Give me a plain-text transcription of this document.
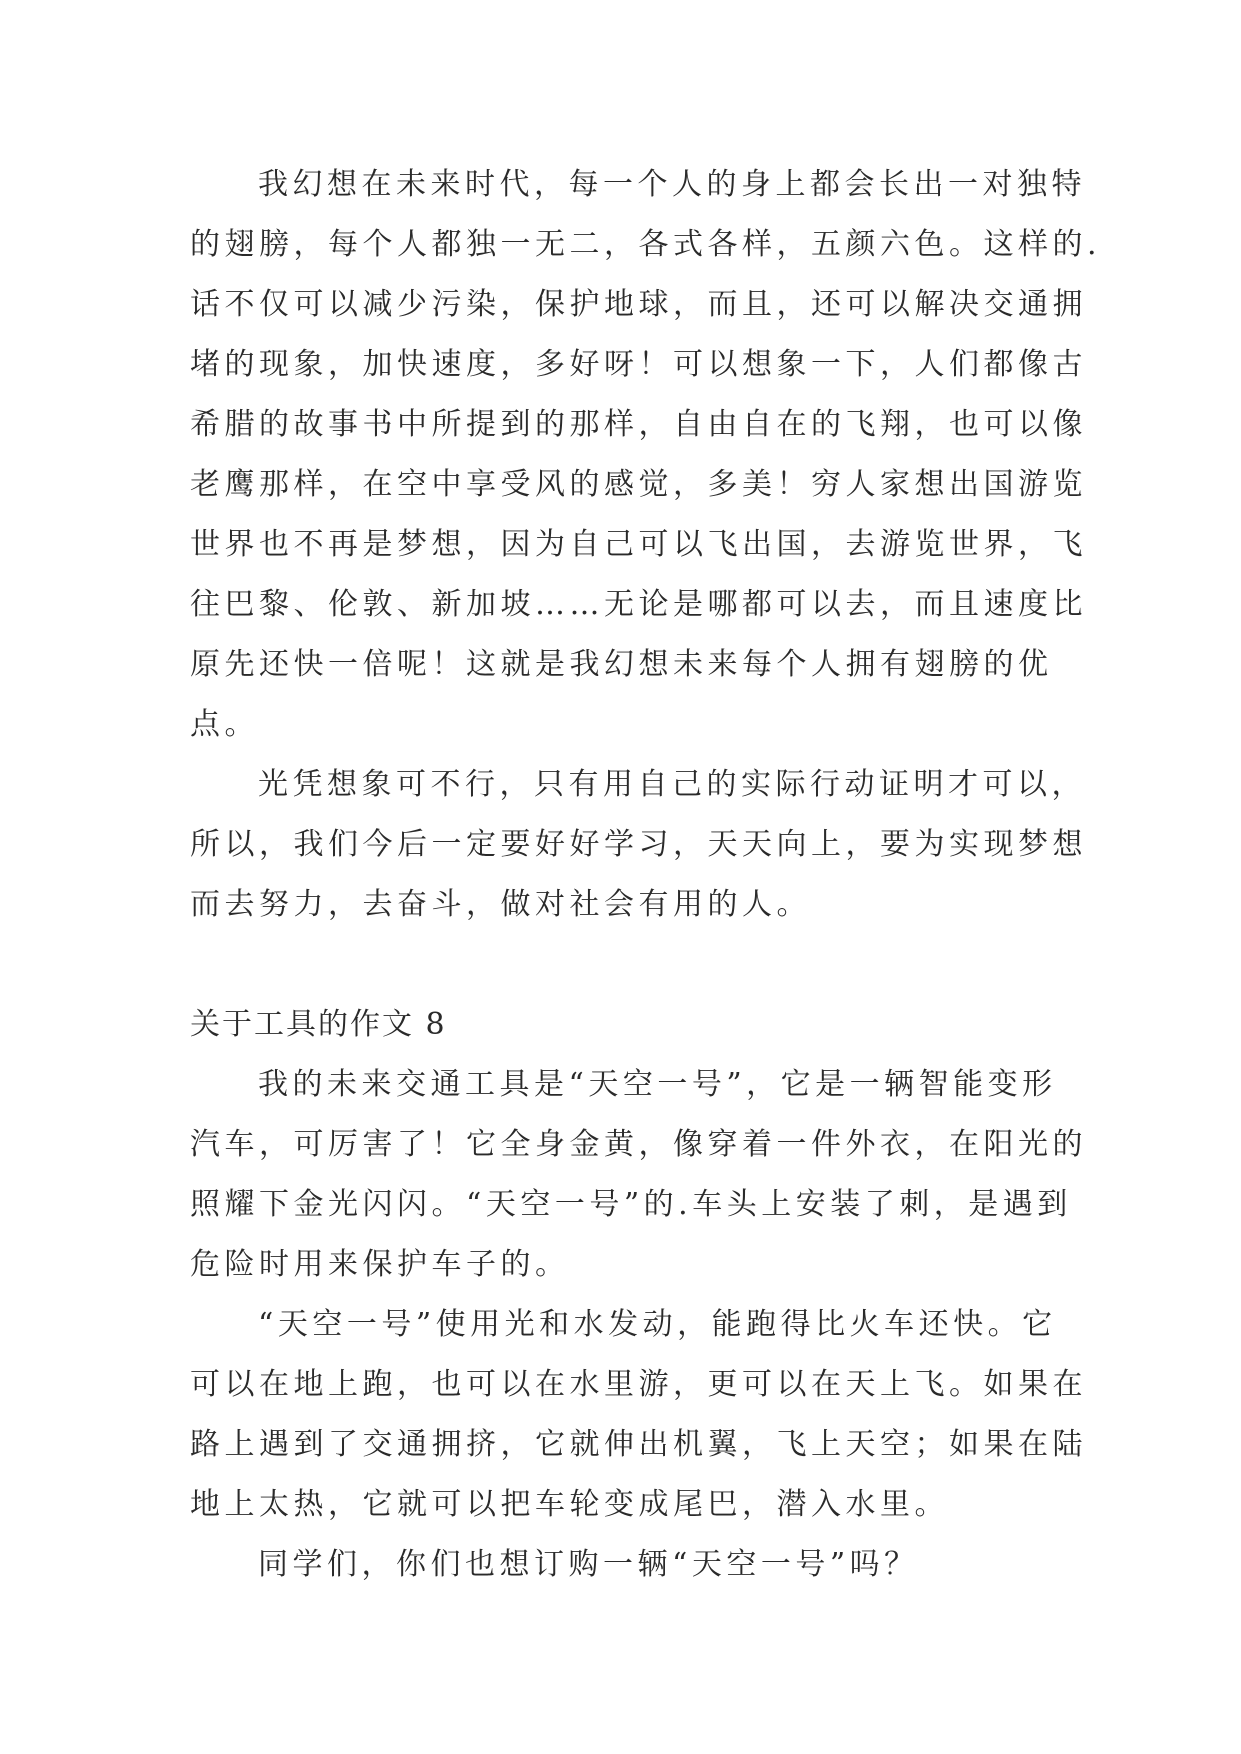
我幻想在未来时代，每一个人的身上都会长出一对独特
的翅膀，每个人都独一无二，各式各样，五颜六色。这样的.
话不仅可以减少污染，保护地球，而且，还可以解决交通拥
堵的现象，加快速度，多好呀！可以想象一下，人们都像古
希腊的故事书中所提到的那样，自由自在的飞翔，也可以像
老鹰那样，在空中享受风的感觉，多美！穷人家想出国游览
世界也不再是梦想，因为自己可以飞出国，去游览世界，飞
往巴黎、伦敦、新加坡……无论是哪都可以去，而且速度比
原先还快一倍呢！这就是我幻想未来每个人拥有翅膀的优
点。
光凭想象可不行，只有用自己的实际行动证明才可以，
所以，我们今后一定要好好学习，天天向上，要为实现梦想
而去努力，去奋斗，做对社会有用的人。
关于工具的作文 8
我的未来交通工具是“天空一号”，它是一辆智能变形
汽车，可厉害了！它全身金黄，像穿着一件外衣，在阳光的
照耀下金光闪闪。“天空一号”的.车头上安装了刺，是遇到
危险时用来保护车子的。
“天空一号”使用光和水发动，能跑得比火车还快。它
可以在地上跑，也可以在水里游，更可以在天上飞。如果在
路上遇到了交通拥挤，它就伸出机翼，飞上天空；如果在陆
地上太热，它就可以把车轮变成尾巴，潜入水里。
同学们，你们也想订购一辆“天空一号”吗？
